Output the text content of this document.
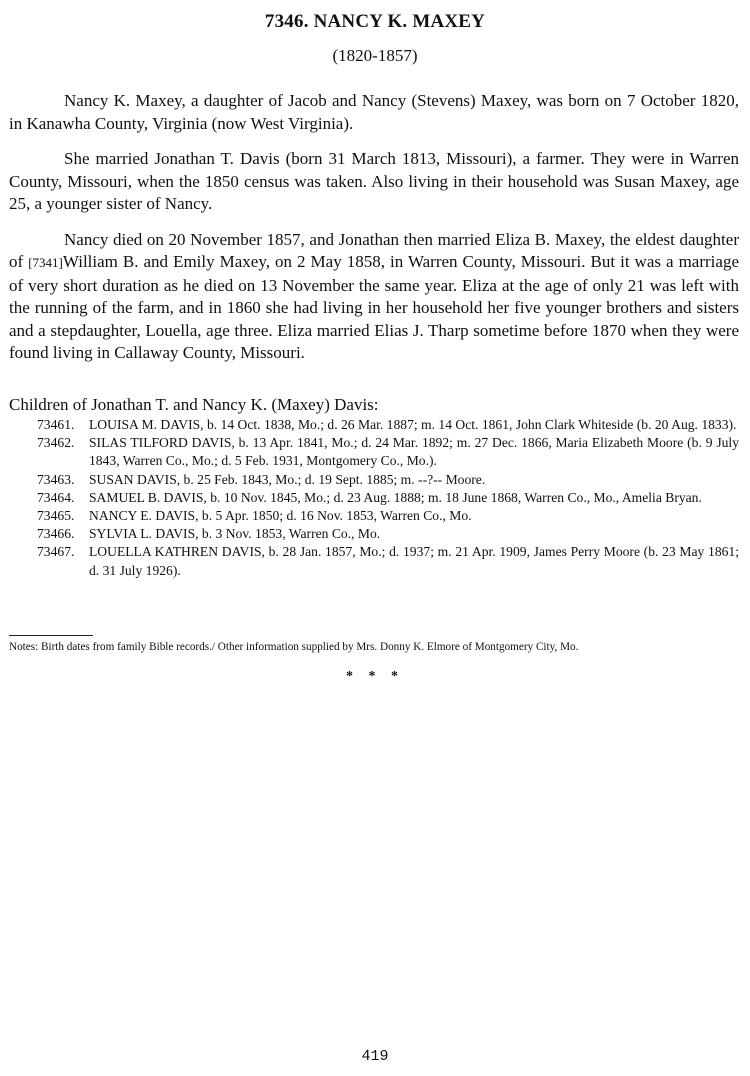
7346. NANCY K. MAXEY
(1820-1857)

Nancy K. Maxey, a daughter of Jacob and Nancy (Stevens) Maxey, was born on 7 October 1820, in Kanawha County, Virginia (now West Virginia).

She married Jonathan T. Davis (born 31 March 1813, Missouri), a farmer. They were in Warren County, Missouri, when the 1850 census was taken. Also living in their household was Susan Maxey, age 25, a younger sister of Nancy.

Nancy died on 20 November 1857, and Jonathan then married Eliza B. Maxey, the eldest daughter of [7341]William B. and Emily Maxey, on 2 May 1858, in Warren County, Missouri. But it was a marriage of very short duration as he died on 13 November the same year. Eliza at the age of only 21 was left with the running of the farm, and in 1860 she had living in her household her five younger brothers and sisters and a stepdaughter, Louella, age three. Eliza married Elias J. Tharp sometime before 1870 when they were found living in Callaway County, Missouri.

Children of Jonathan T. and Nancy K. (Maxey) Davis:
73461.	LOUISA M. DAVIS, b. 14 Oct. 1838, Mo.; d. 26 Mar. 1887; m. 14 Oct. 1861, John Clark Whiteside (b. 20 Aug. 1833).
73462.	SILAS TILFORD DAVIS, b. 13 Apr. 1841, Mo.; d. 24 Mar. 1892; m. 27 Dec. 1866, Maria Elizabeth Moore (b. 9 July 1843, Warren Co., Mo.; d. 5 Feb. 1931, Montgomery Co., Mo.).
73463.	SUSAN DAVIS, b. 25 Feb. 1843, Mo.; d. 19 Sept. 1885; m. --?-- Moore.
73464.	SAMUEL B. DAVIS, b. 10 Nov. 1845, Mo.; d. 23 Aug. 1888; m. 18 June 1868, Warren Co., Mo., Amelia Bryan.
73465.	NANCY E. DAVIS, b. 5 Apr. 1850; d. 16 Nov. 1853, Warren Co., Mo.
73466.	SYLVIA L. DAVIS, b. 3 Nov. 1853, Warren Co., Mo.
73467.	LOUELLA KATHREN DAVIS, b. 28 Jan. 1857, Mo.; d. 1937; m. 21 Apr. 1909, James Perry Moore (b. 23 May 1861; d. 31 July 1926).
Notes: Birth dates from family Bible records./ Other information supplied by Mrs. Donny K. Elmore of Montgomery City, Mo.
* * *
419
